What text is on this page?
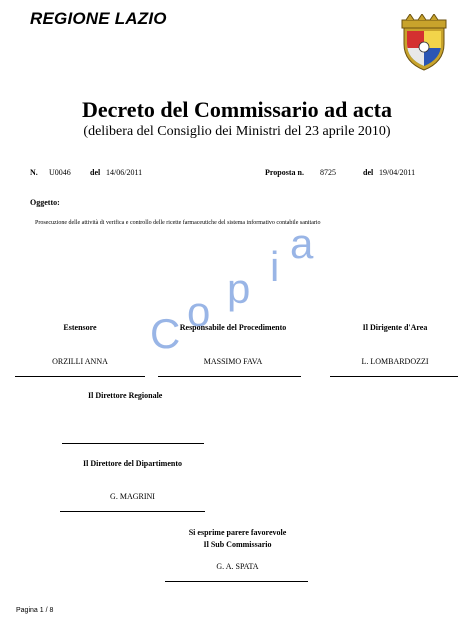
REGIONE LAZIO
Decreto del Commissario ad acta
(delibera del Consiglio dei Ministri del 23 aprile 2010)
N. U0046 del 14/06/2011	Proposta n. 8725	del 19/04/2011
Oggetto:
Prosecuzione delle attività di verifica e controllo delle ricette farmaceutiche del sistema informativo contabile sanitario
C o p i a
Estensore
ORZILLI ANNA
Responsabile del Procedimento
MASSIMO FAVA
Il Dirigente d'Area
L. LOMBARDOZZI
Il Direttore Regionale
Il Direttore del Dipartimento
G. MAGRINI
Si esprime parere favorevole
Il Sub Commissario
G. A. SPATA
Pagina 1 / 8
